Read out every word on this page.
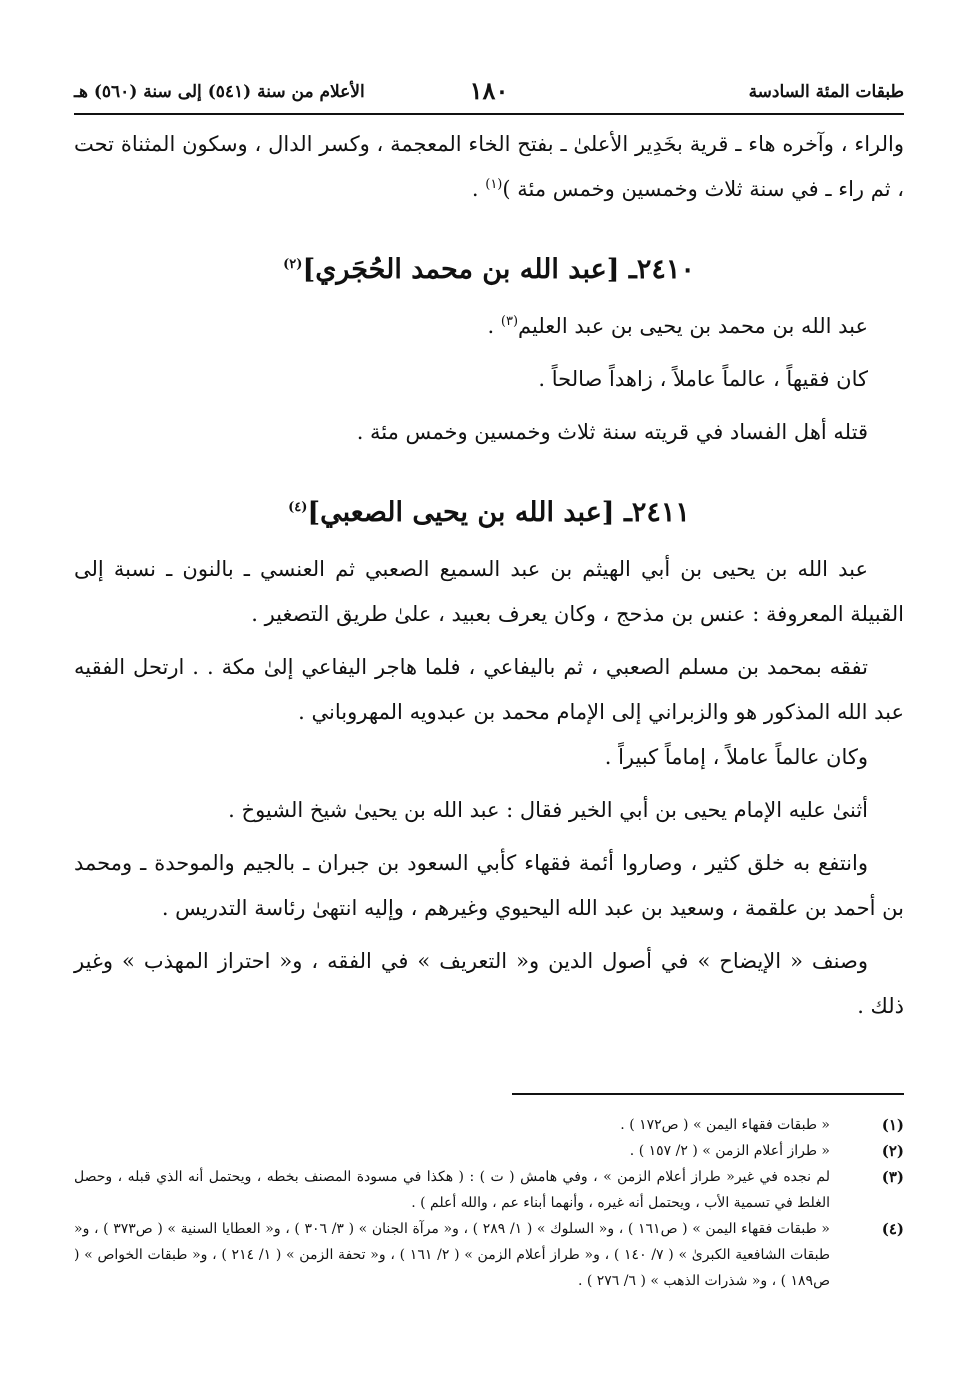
طبقات المئة السادسة
١٨٠
الأعلام من سنة (٥٤١) إلى سنة (٥٦٠) هـ

والراء ، وآخره هاء ـ قرية بخَدِير الأعلىٰ ـ بفتح الخاء المعجمة ، وكسر الدال ، وسكون المثناة تحت ، ثم راء ـ في سنة ثلاث وخمسين وخمس مئة )$^{(١)}$ .

٢٤١٠ـ [عبد الله بن محمد الحُجَري]$^{(٢)}$

عبد الله بن محمد بن يحيى بن عبد العليم$^{(٣)}$ .

كان فقيهاً ، عالماً عاملاً ، زاهداً صالحاً .

قتله أهل الفساد في قريته سنة ثلاث وخمسين وخمس مئة .

٢٤١١ـ [عبد الله بن يحيى الصعبي]$^{(٤)}$

عبد الله بن يحيى بن أبي الهيثم بن عبد السميع الصعبي ثم العنسي ـ بالنون ـ نسبة إلى القبيلة المعروفة : عنس بن مذحج ، وكان يعرف بعبيد ، علىٰ طريق التصغير .

تفقه بمحمد بن مسلم الصعبي ، ثم باليفاعي ، فلما هاجر اليفاعي إلىٰ مكة . . ارتحل الفقيه عبد الله المذكور هو والزبراني إلى الإمام محمد بن عبدويه المهروباني .

وكان عالماً عاملاً ، إماماً كبيراً .

أثنىٰ عليه الإمام يحيى بن أبي الخير فقال : عبد الله بن يحيىٰ شيخ الشيوخ .

وانتفع به خلق كثير ، وصاروا أئمة فقهاء كأبي السعود بن جبران ـ بالجيم والموحدة ـ ومحمد بن أحمد بن علقمة ، وسعيد بن عبد الله اليحيوي وغيرهم ، وإليه انتهىٰ رئاسة التدريس .

وصنف « الإيضاح » في أصول الدين و« التعريف » في الفقه ، و« احتراز المهذب » وغير ذلك .

(١)
« طبقات فقهاء اليمن » ( ص١٧٢ ) .
(٢)
« طراز أعلام الزمن » ( ٢/ ١٥٧ ) .
(٣)
لم نجده في غير« طراز أعلام الزمن » ، وفي هامش ( ت ) : ( هكذا في مسودة المصنف بخطه ، ويحتمل أنه الذي قبله ، وحصل الغلط في تسمية الأب ، ويحتمل أنه غيره ، وأنهما أبناء عم ، والله أعلم ) .
(٤)
« طبقات فقهاء اليمن » ( ص١٦١ ) ، و« السلوك » ( ١/ ٢٨٩ ) ، و« مرآة الجنان » ( ٣/ ٣٠٦ ) ، و« العطايا السنية » ( ص٣٧٣ ) ، و« طبقات الشافعية الكبرىٰ » ( ٧/ ١٤٠ ) ، و« طراز أعلام الزمن » ( ٢/ ١٦١ ) ، و« تحفة الزمن » ( ١/ ٢١٤ ) ، و« طبقات الخواص » ( ص١٨٩ ) ، و« شذرات الذهب » ( ٦/ ٢٧٦ ) .
